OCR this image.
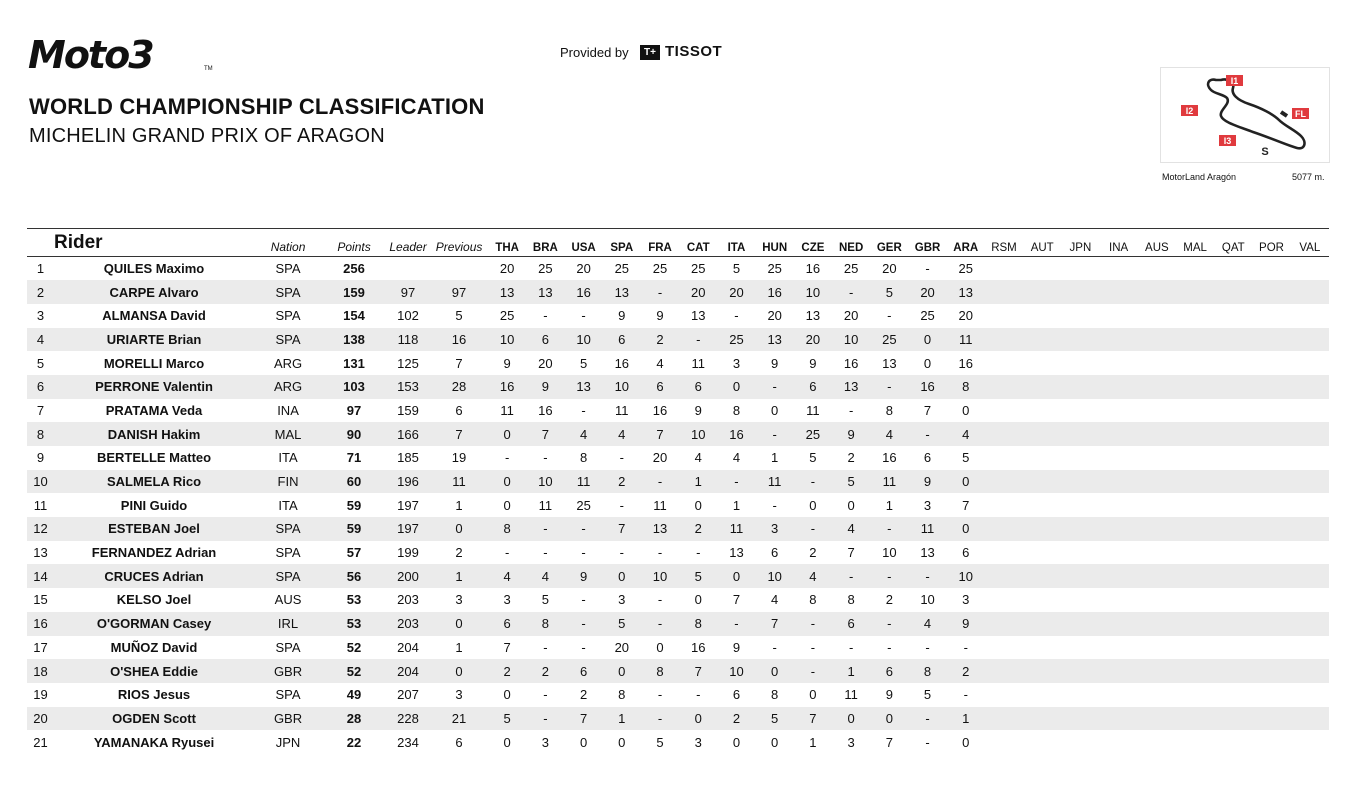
Moto3	TM
Provided by	T+ TISSOT
WORLD CHAMPIONSHIP CLASSIFICATION
MICHELIN GRAND PRIX OF ARAGON
I1
I2
I3
FL
S
MotorLand Aragón	5077 m.
Rider		Nation	Points	Leader	Previous	THA	BRA	USA	SPA	FRA	CAT	ITA	HUN	CZE	NED	GER	GBR	ARA	RSM	AUT	JPN	INA	AUS	MAL	QAT	POR	VAL
1	QUILES Maximo	SPA	256			20	25	20	25	25	25	5	25	16	25	20	-	25									
2	CARPE Alvaro	SPA	159	97	97	13	13	16	13	-	20	20	16	10	-	5	20	13									
3	ALMANSA David	SPA	154	102	5	25	-	-	9	9	13	-	20	13	20	-	25	20									
4	URIARTE Brian	SPA	138	118	16	10	6	10	6	2	-	25	13	20	10	25	0	11									
5	MORELLI Marco	ARG	131	125	7	9	20	5	16	4	11	3	9	9	16	13	0	16									
6	PERRONE Valentin	ARG	103	153	28	16	9	13	10	6	6	0	-	6	13	-	16	8									
7	PRATAMA Veda	INA	97	159	6	11	16	-	11	16	9	8	0	11	-	8	7	0									
8	DANISH Hakim	MAL	90	166	7	0	7	4	4	7	10	16	-	25	9	4	-	4									
9	BERTELLE Matteo	ITA	71	185	19	-	-	8	-	20	4	4	1	5	2	16	6	5									
10	SALMELA Rico	FIN	60	196	11	0	10	11	2	-	1	-	11	-	5	11	9	0									
11	PINI Guido	ITA	59	197	1	0	11	25	-	11	0	1	-	0	0	1	3	7									
12	ESTEBAN Joel	SPA	59	197	0	8	-	-	7	13	2	11	3	-	4	-	11	0									
13	FERNANDEZ Adrian	SPA	57	199	2	-	-	-	-	-	-	13	6	2	7	10	13	6									
14	CRUCES Adrian	SPA	56	200	1	4	4	9	0	10	5	0	10	4	-	-	-	10									
15	KELSO Joel	AUS	53	203	3	3	5	-	3	-	0	7	4	8	8	2	10	3									
16	O'GORMAN Casey	IRL	53	203	0	6	8	-	5	-	8	-	7	-	6	-	4	9									
17	MUÑOZ David	SPA	52	204	1	7	-	-	20	0	16	9	-	-	-	-	-	-									
18	O'SHEA Eddie	GBR	52	204	0	2	2	6	0	8	7	10	0	-	1	6	8	2									
19	RIOS Jesus	SPA	49	207	3	0	-	2	8	-	-	6	8	0	11	9	5	-									
20	OGDEN Scott	GBR	28	228	21	5	-	7	1	-	0	2	5	7	0	0	-	1									
21	YAMANAKA Ryusei	JPN	22	234	6	0	3	0	0	5	3	0	0	1	3	7	-	0									
